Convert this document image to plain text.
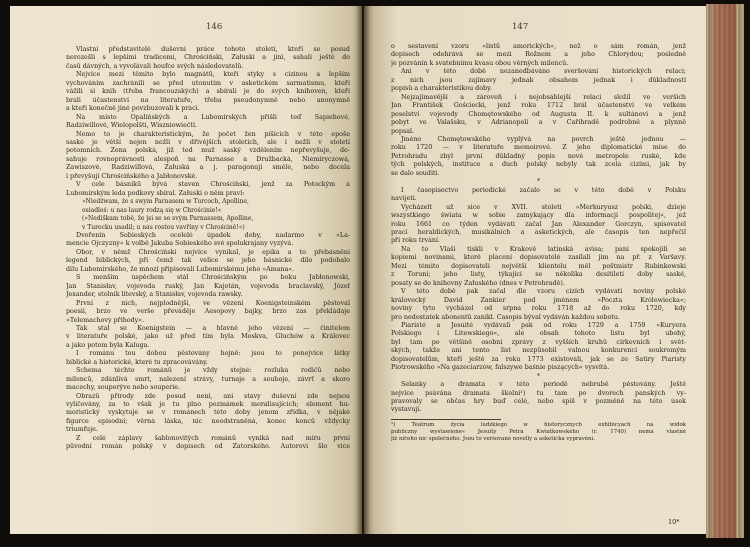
146
Vlastní představitelé duševní práce tohoto století, kteří se posud
nerozešli s lepšími tradicemi, Chrościński, Załuski a jiní, sahali ještě do
časů dávných, a vyvolávali houfce svých následovatelů.
Nejvíce mezi těmito bylo magnátů, kteří styky s cizinou a lepším
vychováním zachránili se před utonutím v asketickém sarmatismu, kteří
vážili si knih (třeba francouzských) a sbírali je do svých knihoven, kteří
brali účastenství na literatuře, třeba pseudonymně nebo anonymně
a kteří konečně jiné povzbuzovali k práci.
Na místo Opalińských a Lubomirských přišli teď Sapiehové,
Radziwillové, Wielopolští, Wiszniowiečtí.
Nemo to je charakteristickým, že počet žen píšících v této epoše
saské je větší nejen nežli v dřívějších stoletích, ale i nežli v století
potomních. Žena polská, již ted muž saský vzdělením nepřevyšuje, do-
sahuje rovnoprávnosti alespoň na Parnasse a Družbacká, Niemiryczowá,
Zawiszové, Radziwillová, Załuská a j. paragonují směle, nebo docela
i převyšují Chrościńského a Jabłonovské.
V cele básníků bývá staven Chrościński, jenž za Potockým a
Lubomirským leda podkovy sbíral. Załuski o něm praví:
»Niedźwam, że s swym Parnasem w Turcoch, Apolline,
osiadleś: u nas laury rodzą się w Chrościnie!«
(»Nediškam tobě, že jsi se se svým Parnassem, Apolline,
v Turecku usadil; u nás rostou vavříny v Chrościně!«)
Dvořenín Sobieských ocelelé úpadek doby, nadarmo v »La-
mencie Ojczyzny« k volbě Jakuba Sobieského své spolukrajany vyzývá.
Obor, v němž Chrościński nejvíce vynikal, je epika a to přebásnění
legend biblických, při čemž tak velice se jeho básnické dílo podobalo
dílu Lubomirského, že mnozí připisovali Lubomirskému jeho »Amana«.
S menším úspěchem stál Chrościńským po boku Jabłonowski,
Jan Stanisłav, vojevoda ruský, Jan Kajetán, vojevoda braclavský, Józef
Jexander, stolník litevský, a Stanisłav, vojevoda rawsky.
První z nich, nejplodnější, ve vězení Koenigsteinském pěstoval
poesii, brzo ve verše převáděje Aesopovy bajky, brzo zas překládaje
»Telemachovy příhody«.
Tak stal se Koenigstein — a hlavně jeho vězení — činitelem
v literatuře polské, jako už před tím byla Moskva, Gluchów a Královec
a jako potom byla Kaluga.
I románu tou dobou pěstovány hojně: jsou to ponejvíce látky
biblické a historické, které tu zpracovávány.
Schema téchto románů je vždy stejné: rozluka rodičů nebo
milenců, zdánlivá smrt, nalezení strávy, turnaje a souboje, závrť a skoro
macechy, souperýve nebo souperie.
Obrazů přírody zde posud není, ani stavy duševní zde nejsou
vylíčovány, za to však je tu plno pozmámek moralisujících; element hu-
moristický vyskytuje se v románech této doby jenom zřídka, v nějaké
figurce episodní; věrná láska, nic neodstraněná, konec konců vždycky
triumfuje.
Z celé záplavy šablonovitých románů vyniká nad míru první
původní román polský v dopisech od Zatorského. Autorovi šlo více
147
o sestavení vzoru »listů amorických«, než o sám román, jenž
dopisech odehrává se mezi Rožnem a jeho Chlorydou; posledně
je pozvánín k svatebnímu kvasu obou věrných milenců.
Ani v této době nezanedbáváno sveršování historických relací;
z nich jsou zajímavy jednak obsahem jednak i důkladností
popisů a charakteristikou doby.
Nejzajímavější a zároveň i nejobsáhlejší relaci složil ve verších
Jan František Gościecki, jenž roku 1712 brál účastenství ve velkém
poselství vojevody Chomętowského od Augusta II. k sultánovi a jenž
pobyt ve Valašsku, v Adrianopoli a v Cařihradě podrobně a plynně
popsal.
Jméno Chomętowského vyplývá na povrch ještě jednou —
roku 1720 — v literatuře memoirové. Z jeho diplomatické mise do
Petrohradu zbyl první důkladný popis nové metropole ruské, kde
tých polských, instituce a duch polský nebyly tak zcela cizími, jak by
se dalo souditi.
*
I časopisectvo periodické začalo se v této době v Polsku
navijeti.
Vycházelt už sice v XVII. století »Merkuryusz polski, dzieje
wszystkiego świata w sobie zamykający dla informacji pospolitej«, jež
roku 1661 co týden vydávati začal Jan Alexander Gorczyn, spisovatel
prací heraldických, musikálních a asketických, ale časopis ten nepřečil
pří roku trvání.
Na to Vlaší tiskli v Krakově latinská avisa; pani spokojili se
kopiemi novinami, které placení dopisovatelé zasílali jim na př. z Varšavy.
Mezi témito dopisovateli největší klientelu měl poštmistr Rubinkowski
z Toruni; jeho listy, týkající se několika desítiletí doby saské,
posaty se do knihovny Załuského (dnes v Petrohradě).
V této době pak začal dle vzoru cizích vydávati noviny polské
královecký David Zankier pod jménem »Poczta Królewiecka«;
noviny tyto vycházel od srpna roku 1718 až do roku 1720, kdy
pro nedostatek abonentů zanikl. Časopis býval vydáván každou sobotu.
Piaristé a Jesuité vydávali pak od roku 1729 a 1759 »Kuryera
Polskiego i Litewskiego«, ale obsah tohoto listu byl ubohý,
byl tam po většině osobní zprávy z vyšších kruhů církevních i svět-
ských, takže ani tento list nezpůsobil valnou konkurenci soukromým
dopisovatelům, kteří ještě za roku 1773 existovali, jak se ze Satiry Piaristy
Piotrowského »Na gazeciarzów, falszywe baśnie piszących« vysvítá.
*
Selanky a dramata v této periodě nebrubě pěstovány. Ještě
nejvíce psávána dramata školní¹) tu tam po dvorech panských vy-
pravovaly se občas hry buď celé, nebo spíš v pozměně na této úsek
vystavují.
¹) Teatrum życia ludzkiego w historycznych exhibicyach na widok
publiczny wystawione« Jesuity Petra Kwiatkowského (r. 1740) nemá vlastně
již ničeho nic společného. Jsou to veršované novelly a asketická vyprávění.
10*
